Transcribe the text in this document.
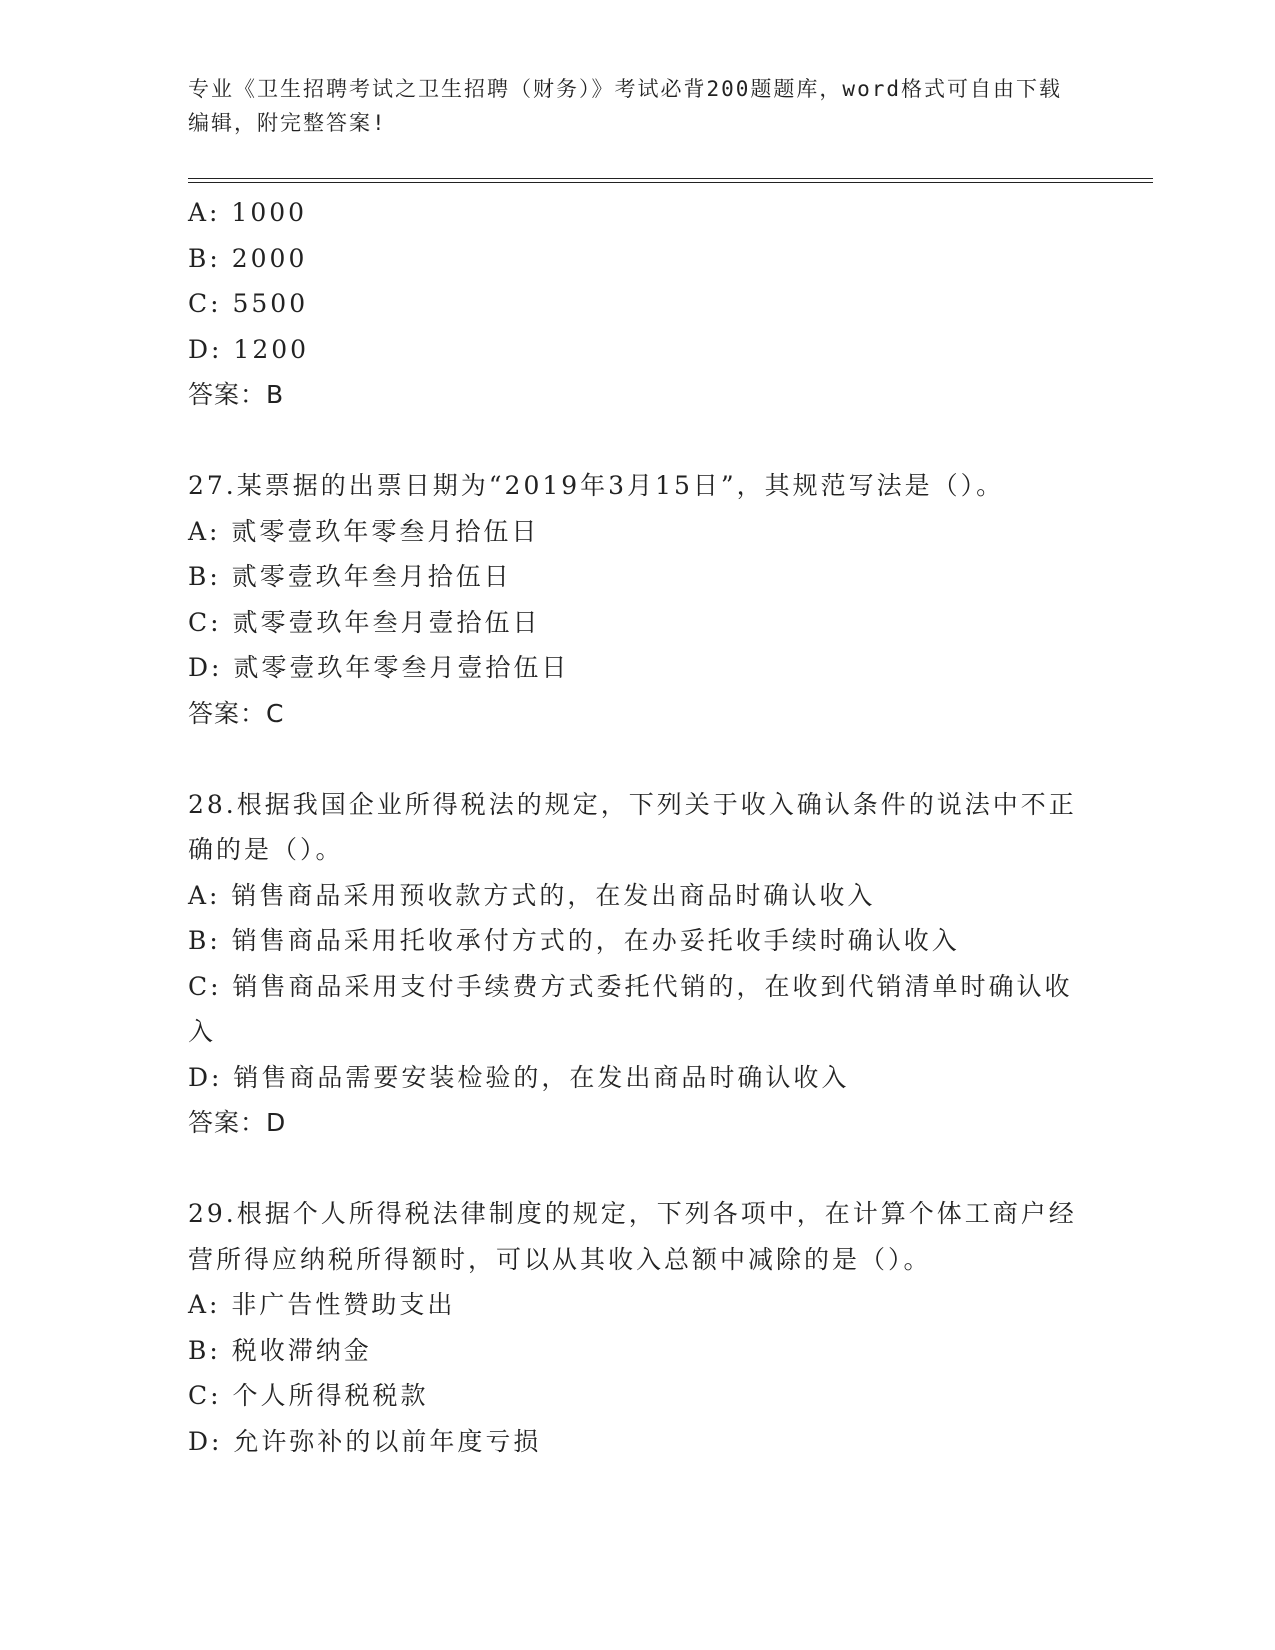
专业《卫生招聘考试之卫生招聘（财务）》考试必背200题题库，word格式可自由下载编辑，附完整答案!

A: 1000

B: 2000

C: 5500

D: 1200

答案：B

27.某票据的出票日期为“2019年3月15日”，其规范写法是（）。

A: 贰零壹玖年零叁月拾伍日

B: 贰零壹玖年叁月拾伍日

C: 贰零壹玖年叁月壹拾伍日

D: 贰零壹玖年零叁月壹拾伍日

答案：C

28.根据我国企业所得税法的规定，下列关于收入确认条件的说法中不正确的是（）。

A: 销售商品采用预收款方式的，在发出商品时确认收入

B: 销售商品采用托收承付方式的，在办妥托收手续时确认收入

C: 销售商品采用支付手续费方式委托代销的，在收到代销清单时确认收入

D: 销售商品需要安装检验的，在发出商品时确认收入

答案：D

29.根据个人所得税法律制度的规定，下列各项中，在计算个体工商户经营所得应纳税所得额时，可以从其收入总额中减除的是（）。

A: 非广告性赞助支出

B: 税收滞纳金

C: 个人所得税税款

D: 允许弥补的以前年度亏损
